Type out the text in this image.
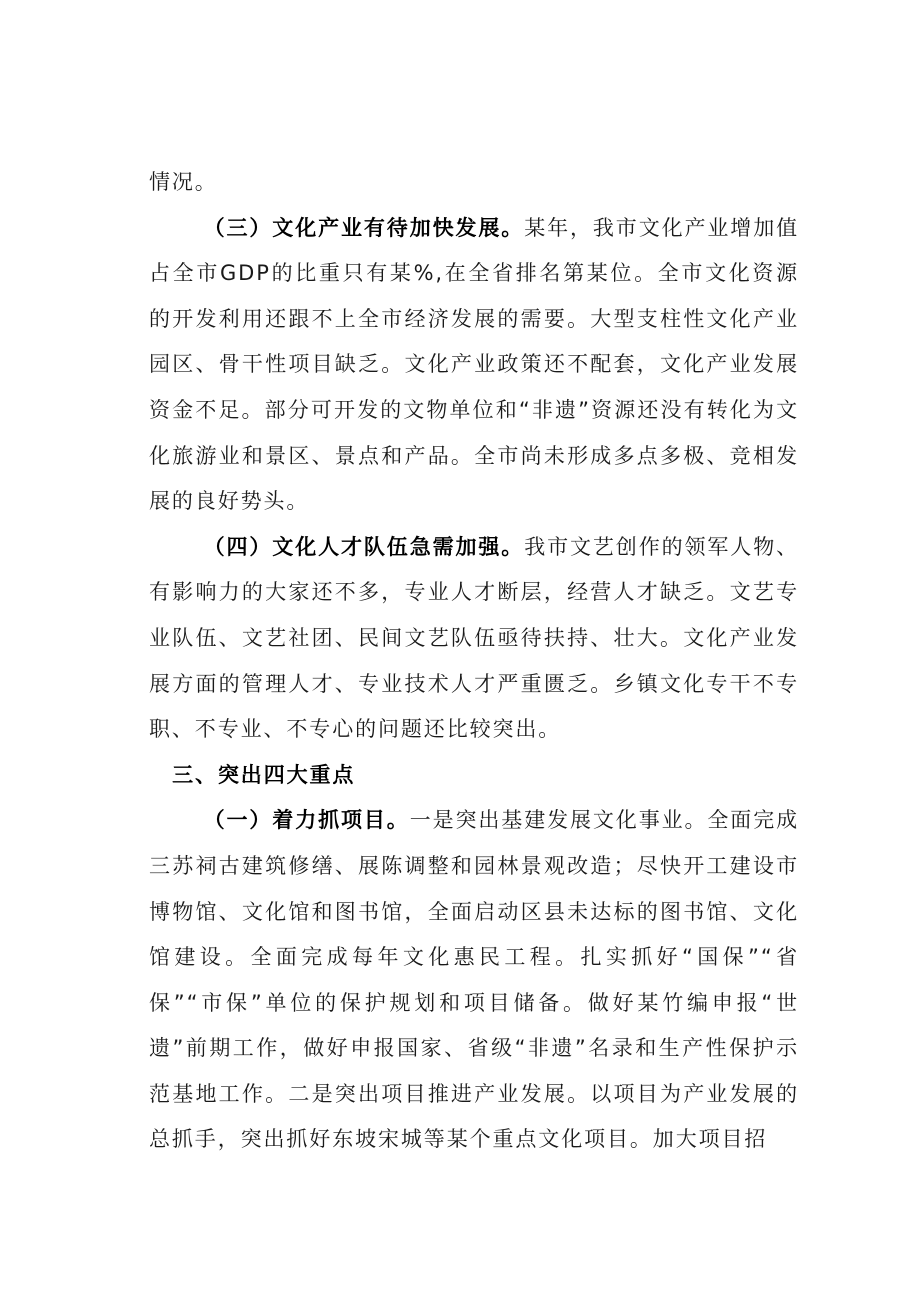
情况。

（三）文化产业有待加快发展。某年，我市文化产业增加值占全市GDP的比重只有某%,在全省排名第某位。全市文化资源的开发利用还跟不上全市经济发展的需要。大型支柱性文化产业园区、骨干性项目缺乏。文化产业政策还不配套，文化产业发展资金不足。部分可开发的文物单位和“非遗”资源还没有转化为文化旅游业和景区、景点和产品。全市尚未形成多点多极、竞相发展的良好势头。

（四）文化人才队伍急需加强。我市文艺创作的领军人物、有影响力的大家还不多，专业人才断层，经营人才缺乏。文艺专业队伍、文艺社团、民间文艺队伍亟待扶持、壮大。文化产业发展方面的管理人才、专业技术人才严重匮乏。乡镇文化专干不专职、不专业、不专心的问题还比较突出。

三、突出四大重点

（一）着力抓项目。一是突出基建发展文化事业。全面完成三苏祠古建筑修缮、展陈调整和园林景观改造；尽快开工建设市博物馆、文化馆和图书馆，全面启动区县未达标的图书馆、文化馆建设。全面完成每年文化惠民工程。扎实抓好“国保”“省保”“市保”单位的保护规划和项目储备。做好某竹编申报“世遗”前期工作，做好申报国家、省级“非遗”名录和生产性保护示范基地工作。二是突出项目推进产业发展。以项目为产业发展的总抓手，突出抓好东坡宋城等某个重点文化项目。加大项目招
